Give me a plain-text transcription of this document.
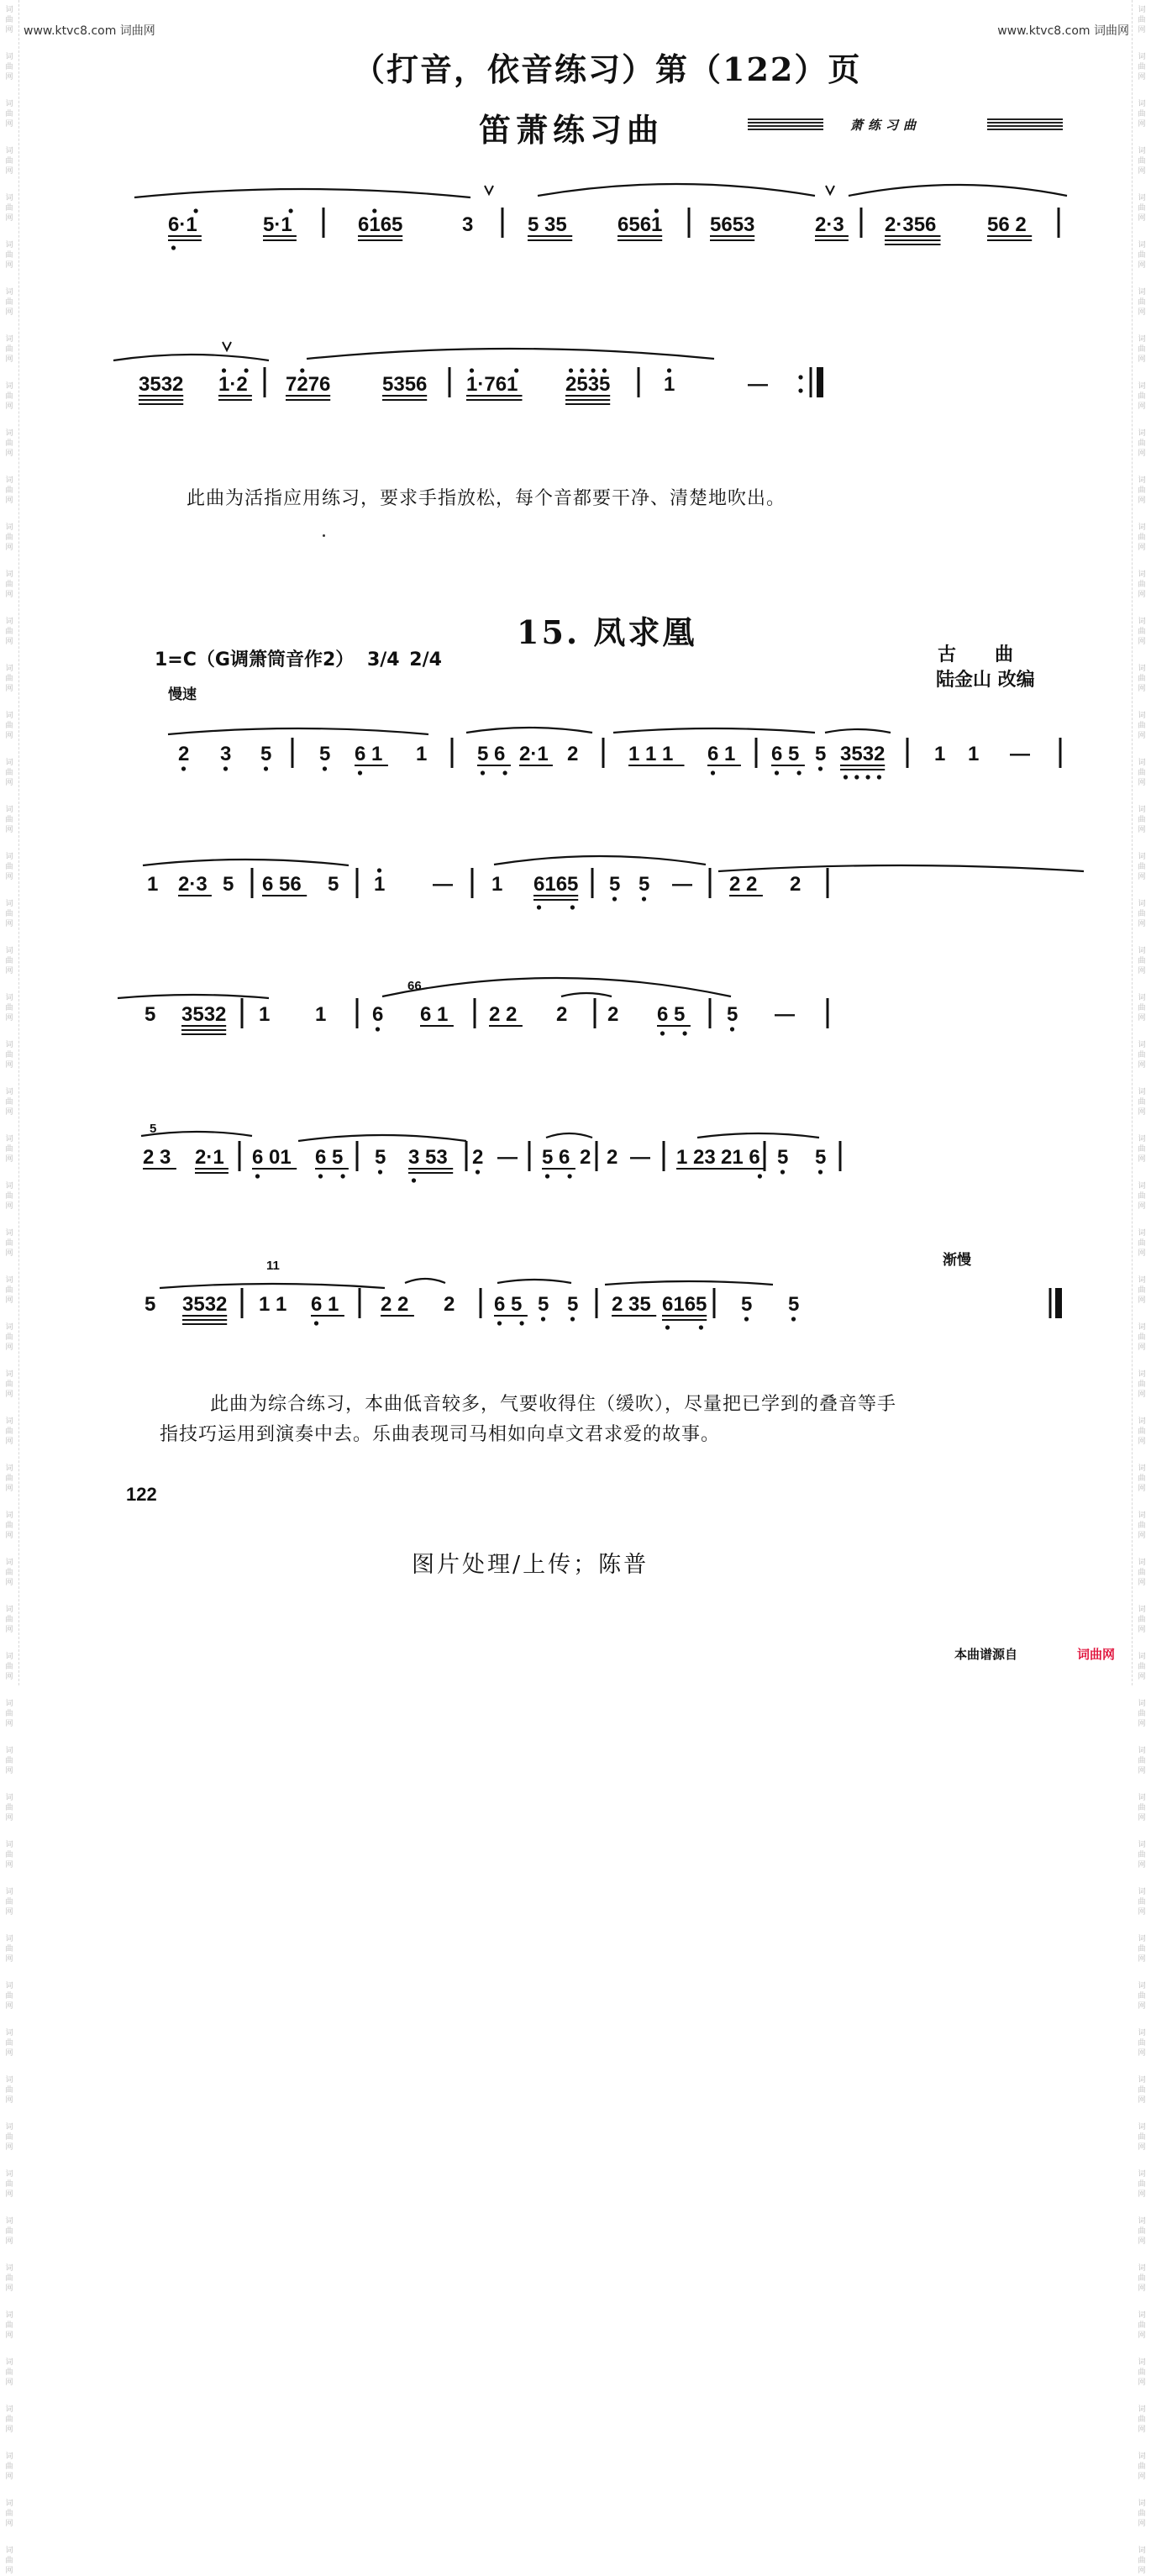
词
曲
网
词
曲
网
词
曲
网
词
曲
网
词
曲
网
词
曲
网
词
曲
网
词
曲
网
词
曲
网
词
曲
网
词
曲
网
词
曲
网
词
曲
网
词
曲
网
词
曲
网
词
曲
网
词
曲
网
词
曲
网
词
曲
网
词
曲
网
词
曲
网
词
曲
网
词
曲
网
词
曲
网
词
曲
网
词
曲
网
词
曲
网
词
曲
网
词
曲
网
词
曲
网
词
曲
网
词
曲
网
词
曲
网
词
曲
网
词
曲
网
词
曲
网
词
曲
网
词
曲
网
词
曲
网
词
曲
网
词
曲
网
词
曲
网
词
曲
网
词
曲
网
词
曲
网
词
曲
网
词
曲
网
词
曲
网
词
曲
网
词
曲
网
词
曲
网
词
曲
网
词
曲
网
词
曲
网
词
曲
网
词
曲
网
词
曲
网
词
曲
网
词
曲
网
词
曲
网
词
曲
网
词
曲
网
词
曲
网
词
曲
网
词
曲
网
词
曲
网
词
曲
网
词
曲
网
词
曲
网
词
曲
网
词
曲
网
词
曲
网
词
曲
网
词
曲
网
词
曲
网
词
曲
网
词
曲
网
词
曲
网
词
曲
网
词
曲
网
词
曲
网
词
曲
网
词
曲
网
词
曲
网
词
曲
网
词
曲
网
词
曲
网
词
曲
网
词
曲
网
词
曲
网
词
曲
网
词
曲
网
词
曲
网
词
曲
网
词
曲
网
词
曲
网
词
曲
网
词
曲
网
词
曲
网
词
曲
网
词
曲
网
词
曲
网
词
曲
网
词
曲
网
词
曲
网
词
曲
网
词
曲
网
词
曲
网
词
曲
网
词
曲
网
www.ktvc8.com 词曲网	www.ktvc8.com 词曲网
（打音，依音练习）第（122）页
笛萧练习曲	萧练习曲
6·1	5·1	6165	3	5 35	6561 5653	2·3 2·356	56 2
3532 1·2 7276	5356 1·761 2535	1	—
此曲为活指应用练习，要求手指放松，每个音都要干净、清楚地吹出。
15. 凤求凰
1=C（G调箫筒音作2） 3/4 2/4	古      曲
陆金山 改编
慢速
2 3 5 5 6 1 1 5 6 2·1 2 1 1 1 6 1 6 5 5 3532 1 1 —
1 2·3 5 6 56 5 1 — 1 6165 5 5 — 2 2 2
5 3532 1 1 6
66
6 1 2 2 2 2 6 5 5 —
5
2 3 2·1 6 01 6 5 5 3 53 2 — 5 6 2 2 — 1 23 21 6 5 5
渐慢
5 3532
11
1 1 6 1 2 2 2 6 5 5 5 2 35 6165 5 5
此曲为综合练习，本曲低音较多，气要收得住（缓吹），尽量把已学到的叠音等手
指技巧运用到演奏中去。乐曲表现司马相如向卓文君求爱的故事。
122
图片处理/上传；陈普
本曲谱源自	词曲网
